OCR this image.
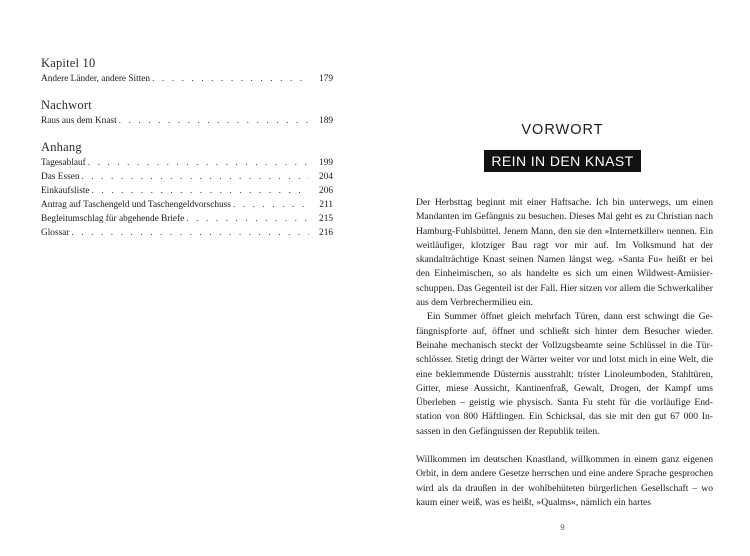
Kapitel 10
Andere Länder, andere Sitten . . .	179
Nachwort
Raus aus dem Knast . . .	189
Anhang
Tagesablauf . . .	199
Das Essen . . .	204
Einkaufsliste . . .	206
Antrag auf Taschengeld und Taschengeldvorschuss . . .	211
Begleitumschlag für abgehende Briefe . . .	215
Glossar . . .	216
VORWORT
REIN IN DEN KNAST

Der Herbsttag beginnt mit einer Haftsache. Ich bin unterwegs, um einen Mandanten im Gefängnis zu besuchen. Dieses Mal geht es zu Christian nach Hamburg-Fuhlsbüttel. Jenem Mann, den sie den »Internetkiller« nennen. Ein weitläufiger, klotziger Bau ragt vor mir auf. Im Volksmund hat der skandalträchtige Knast seinen Namen längst weg. »Santa Fu« heißt er bei den Einheimischen, so als handelte es sich um einen Wildwest-Amüsierschuppen. Das Gegenteil ist der Fall. Hier sitzen vor allem die Schwerkaliber aus dem Verbrechermilieu ein.

Ein Summer öffnet gleich mehrfach Türen, dann erst schwingt die Gefängnispforte auf, öffnet und schließt sich hinter dem Besucher wieder. Beinahe mechanisch steckt der Vollzugsbeamte seine Schlüssel in die Türschlösser. Stetig dringt der Wärter weiter vor und lotst mich in eine Welt, die eine beklemmende Düsternis ausstrahlt: trister Linoleumboden, Stahltüren, Gitter, miese Aussicht, Kantinenfraß, Gewalt, Drogen, der Kampf ums Überleben – geistig wie physisch. Santa Fu steht für die vorläufige Endstation von 800 Häftlingen. Ein Schicksal, das sie mit den gut 67 000 Insassen in den Gefängnissen der Republik teilen.

Willkommen im deutschen Knastland, willkommen in einem ganz eigenen Orbit, in dem andere Gesetze herrschen und eine andere Sprache gesprochen wird als da draußen in der wohlbehüteten bürgerlichen Gesellschaft – wo kaum einer weiß, was es heißt, »Qualms«, nämlich ein hartes

9
